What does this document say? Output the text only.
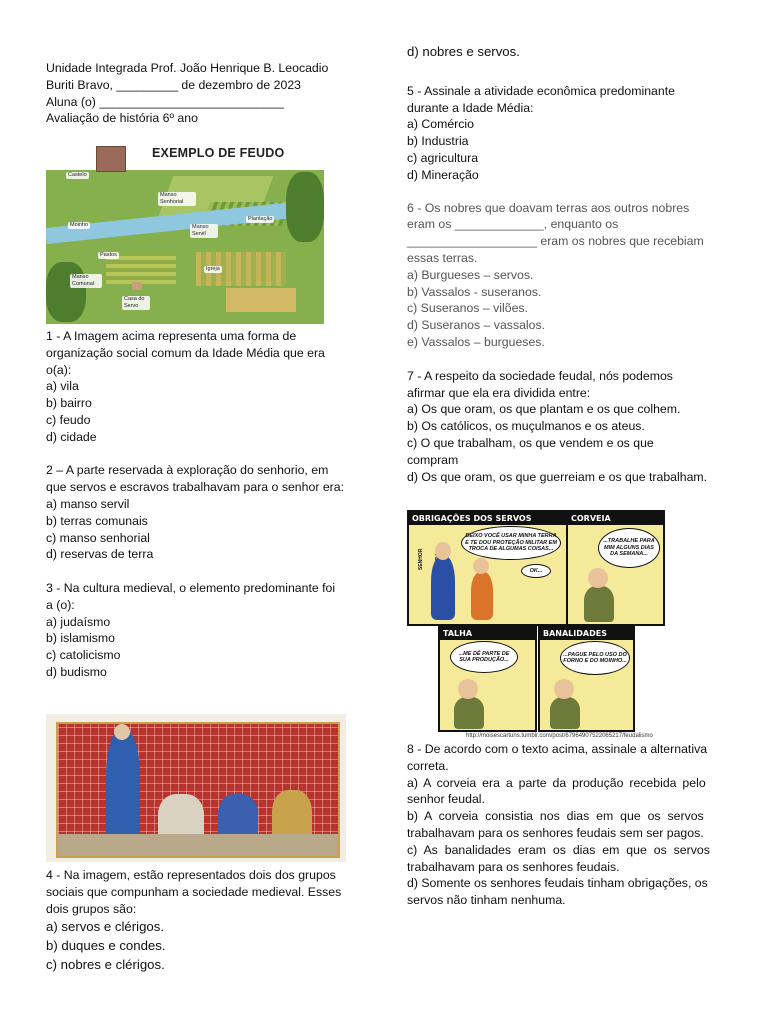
Unidade Integrada Prof. João Henrique B. Leocadio
Buriti Bravo, _________ de dezembro de 2023
Aluna (o) ___________________________
Avaliação de história 6º ano
EXEMPLO DE FEUDO
Castelo
Manso Senhorial
Plantação
Moinho	Manso Servil
Pastos
Igreja
Manso Comunal
Casa do Servo
1 - A Imagem acima representa uma forma de
organização social comum da Idade Média que era
o(a):
a) vila
b) bairro
c) feudo
d) cidade
2 – A parte reservada à exploração do senhorio, em
que servos e escravos trabalhavam para o senhor era:
a) manso servil
b) terras comunais
c) manso senhorial
d) reservas de terra
3 - Na cultura medieval, o elemento predominante foi
a (o):
a) judaísmo
b) islamismo
c) catolicismo
d) budismo
4 - Na imagem, estão representados dois dos grupos
sociais que compunham a sociedade medieval. Esses
dois grupos são:
a) servos e clérigos.
b) duques e condes.
c) nobres e clérigos.
d) nobres e servos.
5 - Assinale a atividade econômica predominante
durante a Idade Média:
a) Comércio
b) Industria
c) agricultura
d) Mineração
6 - Os nobres que doavam terras aos outros nobres
eram os _____________, enquanto os
___________________ eram os nobres que recebiam
essas terras.
a) Burgueses – servos.
b) Vassalos - suseranos.
c) Suseranos – vilões.
d) Suseranos – vassalos.
e) Vassalos – burgueses.
7 - A respeito da sociedade feudal, nós podemos
afirmar que ela era dividida entre:
a) Os que oram, os que plantam e os que colhem.
b) Os católicos, os muçulmanos e os ateus.
c) O que trabalham, os que vendem e os que
compram
d) Os que oram, os que guerreiam e os que trabalham.
OBRIGAÇÕES DOS SERVOS
DEIXO VOCÊ USAR MINHA TERRA E TE DOU PROTEÇÃO MILITAR EM TROCA DE ALGUMAS COISAS...
OK...
SENHOR
CORVEIA
...TRABALHE PARA MIM ALGUNS DIAS DA SEMANA...
TALHA
...ME DÊ PARTE DE SUA PRODUÇÃO...
BANALIDADES
...PAGUE PELO USO DO FORNO E DO MOINHO...
http://moisescartuns.tumblr.com/post/67964907522065217/feudalismo
8 - De acordo com o texto acima, assinale a alternativa
correta.
a) A corveia era a parte da produção recebida pelo
senhor feudal.
b) A corveia consistia nos dias em que os servos
trabalhavam para os senhores feudais sem ser pagos.
c) As banalidades eram os dias em que os servos
trabalhavam para os senhores feudais.
d) Somente os senhores feudais tinham obrigações, os
servos não tinham nenhuma.
